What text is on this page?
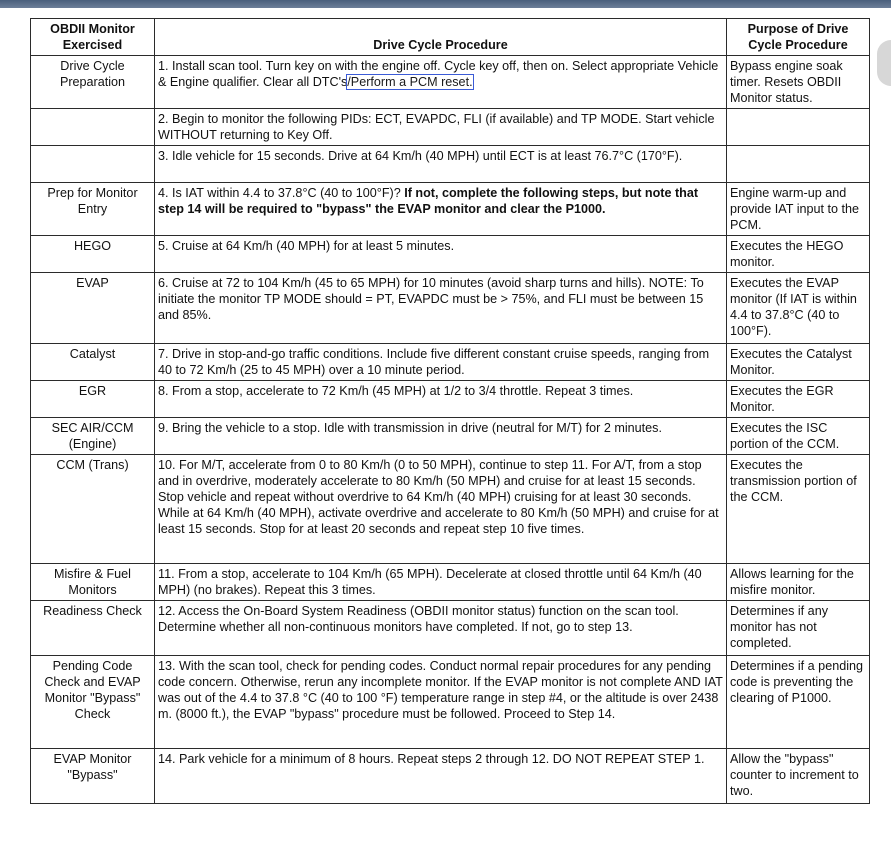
OBDII Monitor Exercised	Drive Cycle Procedure	Purpose of Drive Cycle Procedure
Drive Cycle Preparation	1. Install scan tool. Turn key on with the engine off. Cycle key off, then on. Select appropriate Vehicle & Engine qualifier. Clear all DTC's/Perform a PCM reset.	Bypass engine soak timer. Resets OBDII Monitor status.
	2. Begin to monitor the following PIDs: ECT, EVAPDC, FLI (if available) and TP MODE. Start vehicle WITHOUT returning to Key Off.	
	3. Idle vehicle for 15 seconds. Drive at 64 Km/h (40 MPH) until ECT is at least 76.7°C (170°F).	
Prep for Monitor Entry	4. Is IAT within 4.4 to 37.8°C (40 to 100°F)? If not, complete the following steps, but note that step 14 will be required to "bypass" the EVAP monitor and clear the P1000.	Engine warm-up and provide IAT input to the PCM.
HEGO	5. Cruise at 64 Km/h (40 MPH) for at least 5 minutes.	Executes the HEGO monitor.
EVAP	6. Cruise at 72 to 104 Km/h (45 to 65 MPH) for 10 minutes (avoid sharp turns and hills). NOTE: To initiate the monitor TP MODE should = PT, EVAPDC must be > 75%, and FLI must be between 15 and 85%.	Executes the EVAP monitor (If IAT is within 4.4 to 37.8°C (40 to 100°F).
Catalyst	7. Drive in stop-and-go traffic conditions. Include five different constant cruise speeds, ranging from 40 to 72 Km/h (25 to 45 MPH) over a 10 minute period.	Executes the Catalyst Monitor.
EGR	8. From a stop, accelerate to 72 Km/h (45 MPH) at 1/2 to 3/4 throttle. Repeat 3 times.	Executes the EGR Monitor.
SEC AIR/CCM (Engine)	9. Bring the vehicle to a stop. Idle with transmission in drive (neutral for M/T) for 2 minutes.	Executes the ISC portion of the CCM.
CCM (Trans)	10. For M/T, accelerate from 0 to 80 Km/h (0 to 50 MPH), continue to step 11. For A/T, from a stop and in overdrive, moderately accelerate to 80 Km/h (50 MPH) and cruise for at least 15 seconds. Stop vehicle and repeat without overdrive to 64 Km/h (40 MPH) cruising for at least 30 seconds. While at 64 Km/h (40 MPH), activate overdrive and accelerate to 80 Km/h (50 MPH) and cruise for at least 15 seconds. Stop for at least 20 seconds and repeat step 10 five times.	Executes the transmission portion of the CCM.
Misfire & Fuel Monitors	11. From a stop, accelerate to 104 Km/h (65 MPH). Decelerate at closed throttle until 64 Km/h (40 MPH) (no brakes). Repeat this 3 times.	Allows learning for the misfire monitor.
Readiness Check	12. Access the On-Board System Readiness (OBDII monitor status) function on the scan tool. Determine whether all non-continuous monitors have completed. If not, go to step 13.	Determines if any monitor has not completed.
Pending Code Check and EVAP Monitor "Bypass" Check	13. With the scan tool, check for pending codes. Conduct normal repair procedures for any pending code concern. Otherwise, rerun any incomplete monitor. If the EVAP monitor is not complete AND IAT was out of the 4.4 to 37.8 °C (40 to 100 °F) temperature range in step #4, or the altitude is over 2438 m. (8000 ft.), the EVAP "bypass" procedure must be followed. Proceed to Step 14.	Determines if a pending code is preventing the clearing of P1000.
EVAP Monitor "Bypass"	14. Park vehicle for a minimum of 8 hours. Repeat steps 2 through 12. DO NOT REPEAT STEP 1.	Allow the "bypass" counter to increment to two.
